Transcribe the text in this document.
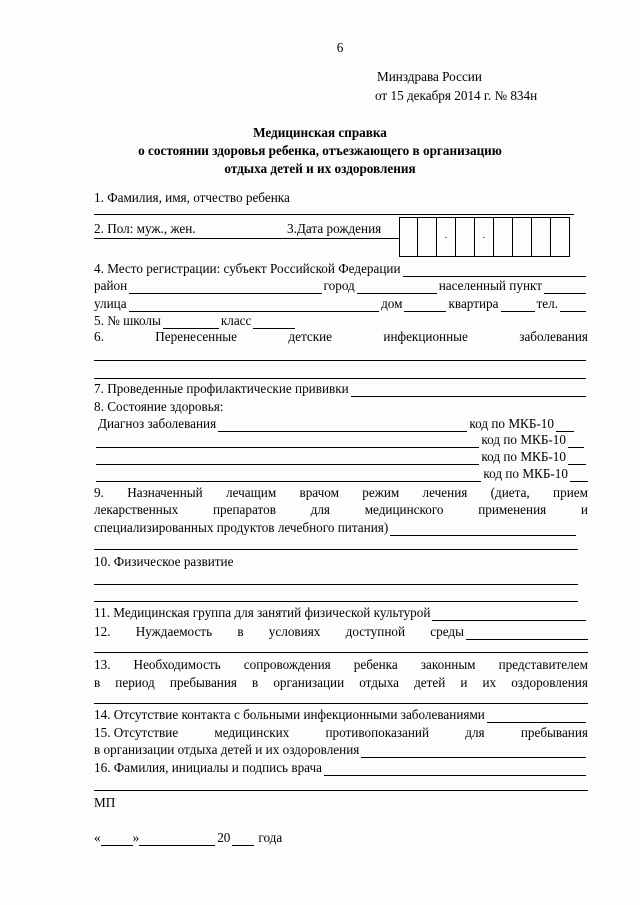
6
Минздрава России
от 15 декабря 2014 г. № 834н
Медицинская справка
о состоянии здоровья ребенка, отъезжающего в организацию
отдыха детей и их оздоровления
1. Фамилия, имя, отчество ребенка
2. Пол: муж., жен.	3.Дата рождения
·	·
4. Место регистрации: субъект Российской Федерации
район	город	населенный пункт
улица	дом	квартира	тел.
5. № школы	класс
6.	Перенесенные	детские	инфекционные	заболевания
7. Проведенные профилактические прививки
8. Состояние здоровья:
Диагноз заболевания	код по МКБ-10
код по МКБ-10
код по МКБ-10
код по МКБ-10
9. Назначенный лечащим врачом режим лечения (диета, прием
лекарственных	препаратов	для	медицинского	применения	и
специализированных продуктов лечебного питания)
10. Физическое развитие
11. Медицинская группа для занятий физической культурой
12. Нуждаемость в условиях доступной среды
13. Необходимость сопровождения ребенка законным представителем
в период пребывания в организации отдыха детей и их оздоровления
14. Отсутствие контакта с больными инфекционными заболеваниями
15. Отсутствие	медицинских	противопоказаний	для	пребывания
в организации отдыха детей и их оздоровления
16. Фамилия, инициалы и подпись врача
МП
« »	20 года
